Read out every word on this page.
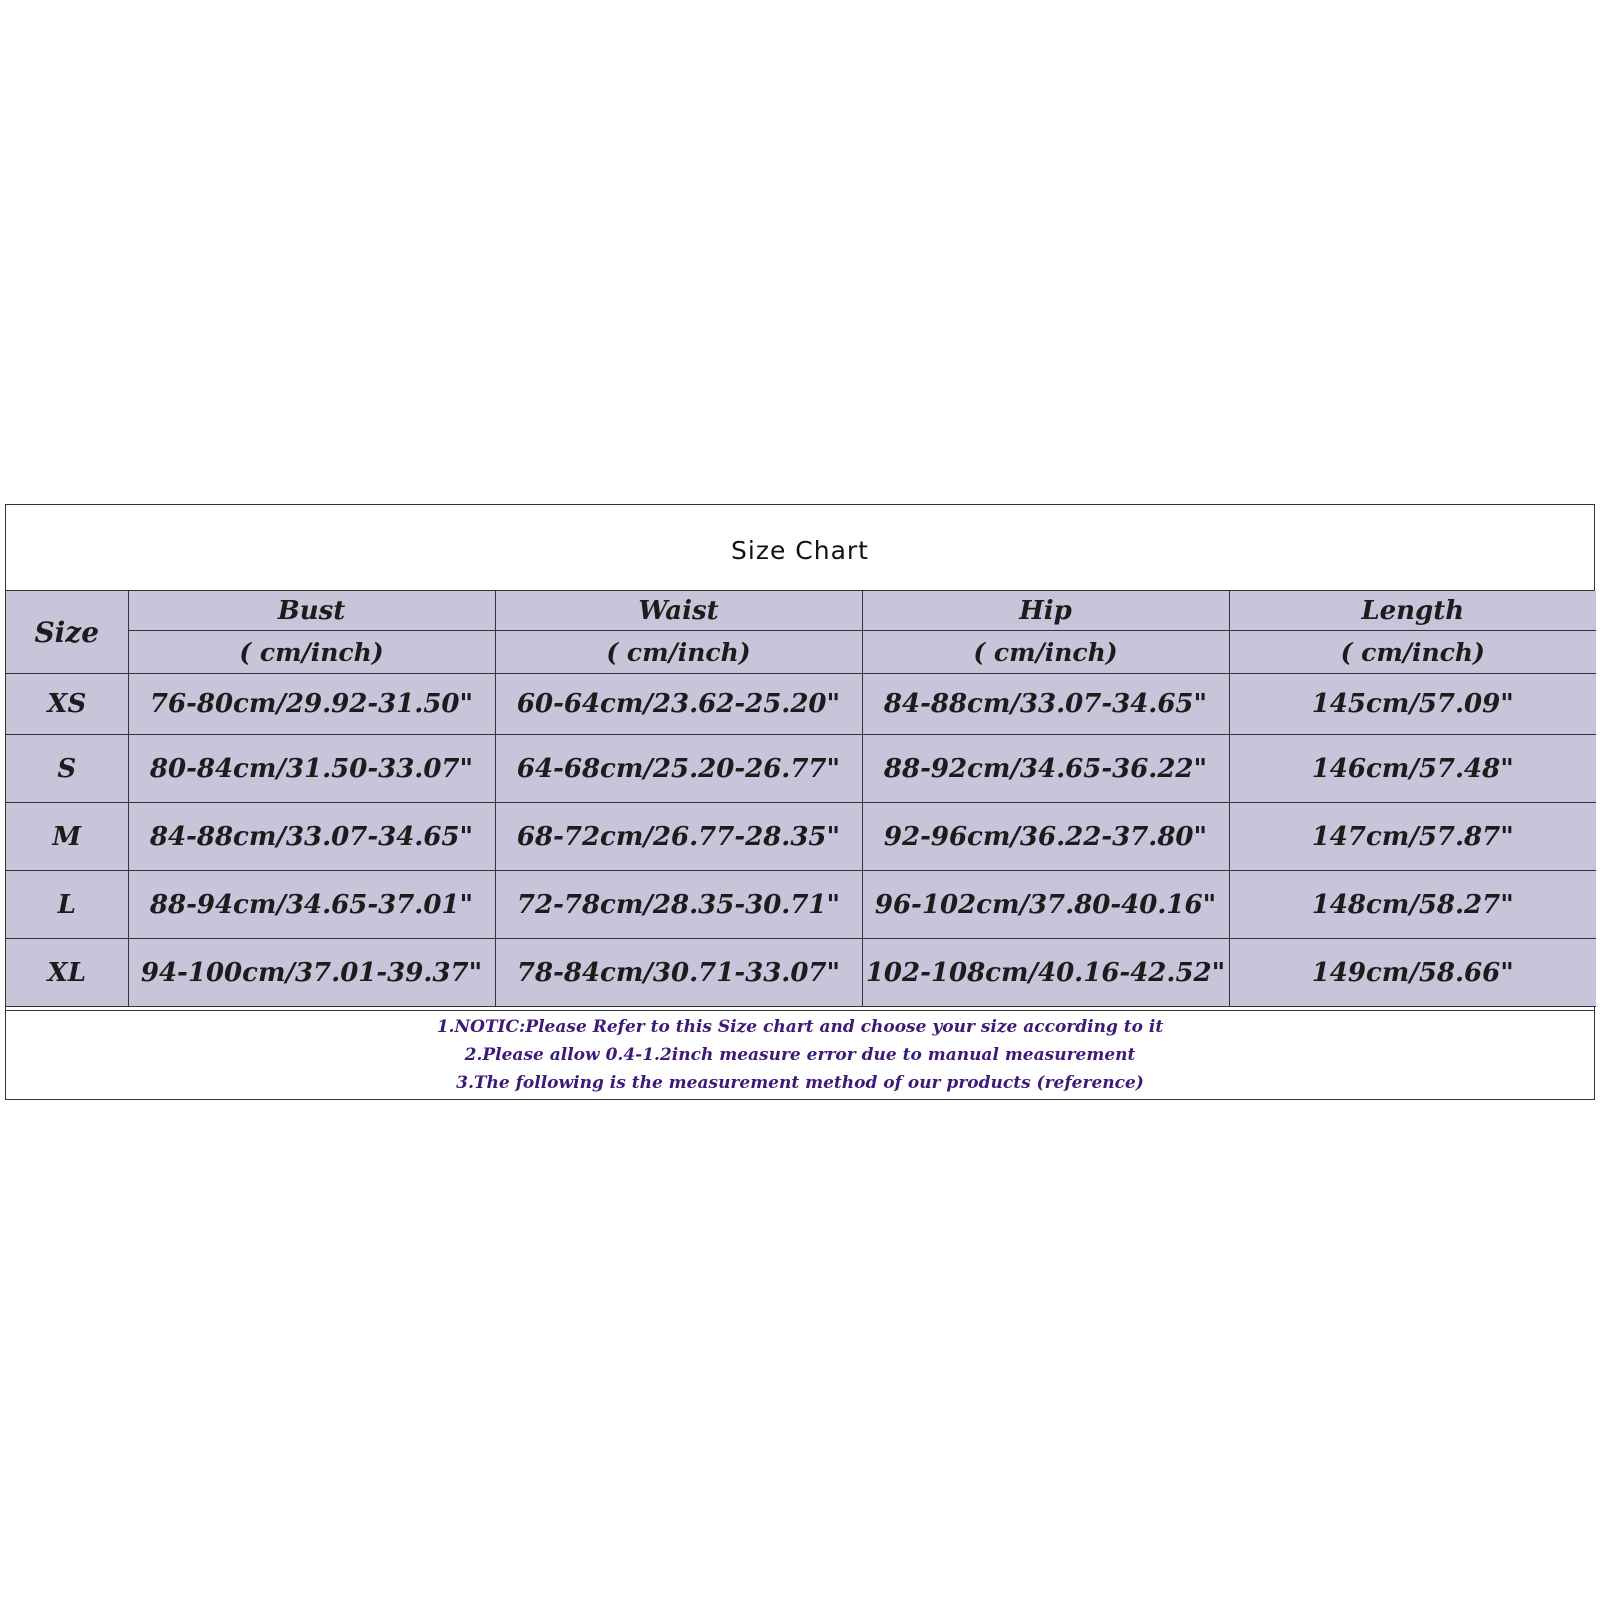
Size Chart
Size	Bust	Waist	Hip	Length
	( cm/inch)	( cm/inch)	( cm/inch)	( cm/inch)
XS	76-80cm/29.92-31.50"	60-64cm/23.62-25.20"	84-88cm/33.07-34.65"	145cm/57.09"
S	80-84cm/31.50-33.07"	64-68cm/25.20-26.77"	88-92cm/34.65-36.22"	146cm/57.48"
M	84-88cm/33.07-34.65"	68-72cm/26.77-28.35"	92-96cm/36.22-37.80"	147cm/57.87"
L	88-94cm/34.65-37.01"	72-78cm/28.35-30.71"	96-102cm/37.80-40.16"	148cm/58.27"
XL	94-100cm/37.01-39.37"	78-84cm/30.71-33.07"	102-108cm/40.16-42.52"	149cm/58.66"
1.NOTIC:Please Refer to this Size chart and choose your size according to it
2.Please allow 0.4-1.2inch measure error due to manual measurement
3.The following is the measurement method of our products (reference)
